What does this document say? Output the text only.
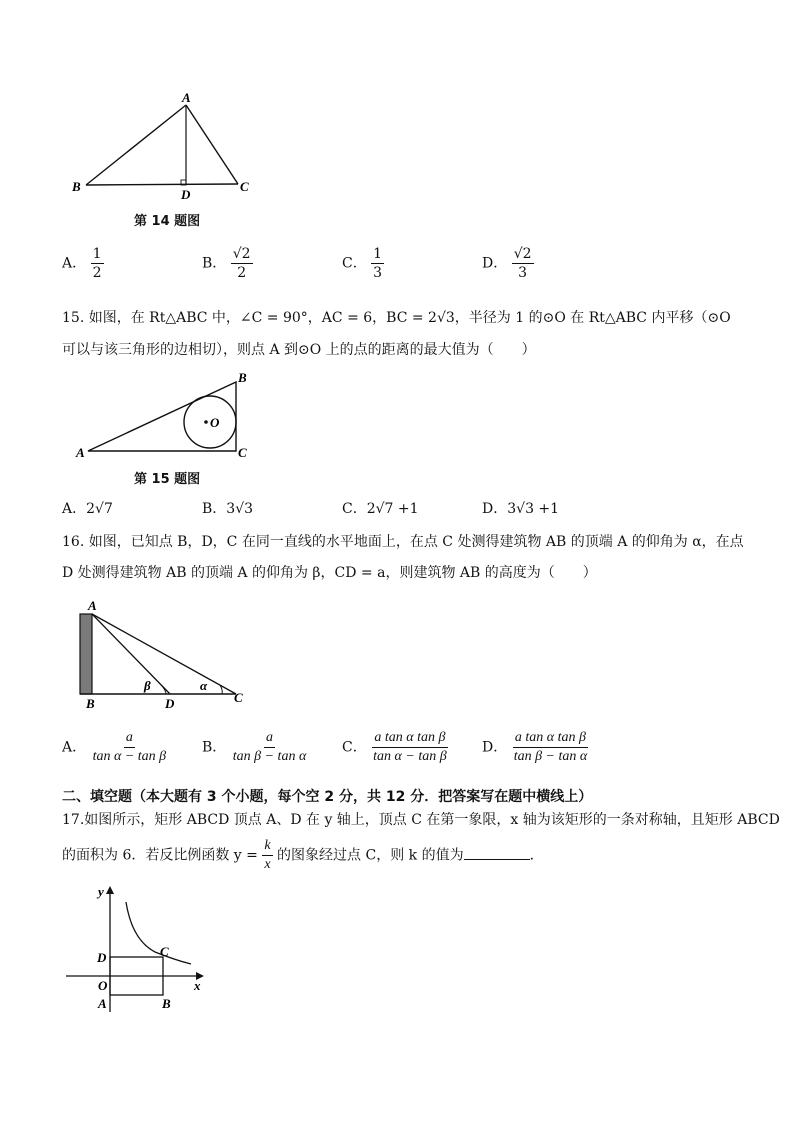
A
B	C
D
第 14 题图
A． $\frac{1}{2}$	B． $\frac{√2}{2}$	C． $\frac{1}{3}$	D． $\frac{√2}{3}$
15. 如图，在 Rt△ABC 中，∠C = 90°，AC = 6，BC = 2√3，半径为 1 的⊙O 在 Rt△ABC 内平移（⊙O
可以与该三角形的边相切），则点 A 到⊙O 上的点的距离的最大值为（　　）
O
A
B
C
第 15 题图
A．2√7	B．3√3	C．2√7 +1	D．3√3 +1
16. 如图，已知点 B，D，C 在同一直线的水平地面上，在点 C 处测得建筑物 AB 的顶端 A 的仰角为 α，在点
D 处测得建筑物 AB 的顶端 A 的仰角为 β，CD = a，则建筑物 AB 的高度为（　　）
A
B	D	C
β	α
A． $\frac{a}{\text{tan α − tan β}}$ B． $\frac{a}{\text{tan β − tan α}}$ C． $\frac{\text{a tan α tan β}}{\text{tan α − tan β}}$ D． $\frac{\text{a tan α tan β}}{\text{tan β − tan α}}$
二、填空题（本大题有 3 个小题，每个空 2 分，共 12 分．把答案写在题中横线上）
17.如图所示，矩形 ABCD 顶点 A、D 在 y 轴上，顶点 C 在第一象限，x 轴为该矩形的一条对称轴，且矩形 ABCD
的面积为 6．若反比例函数 $y = \frac{k}{x}$ 的图象经过点 C，则 k 的值为	．
y
x
O
D	C
A	B
